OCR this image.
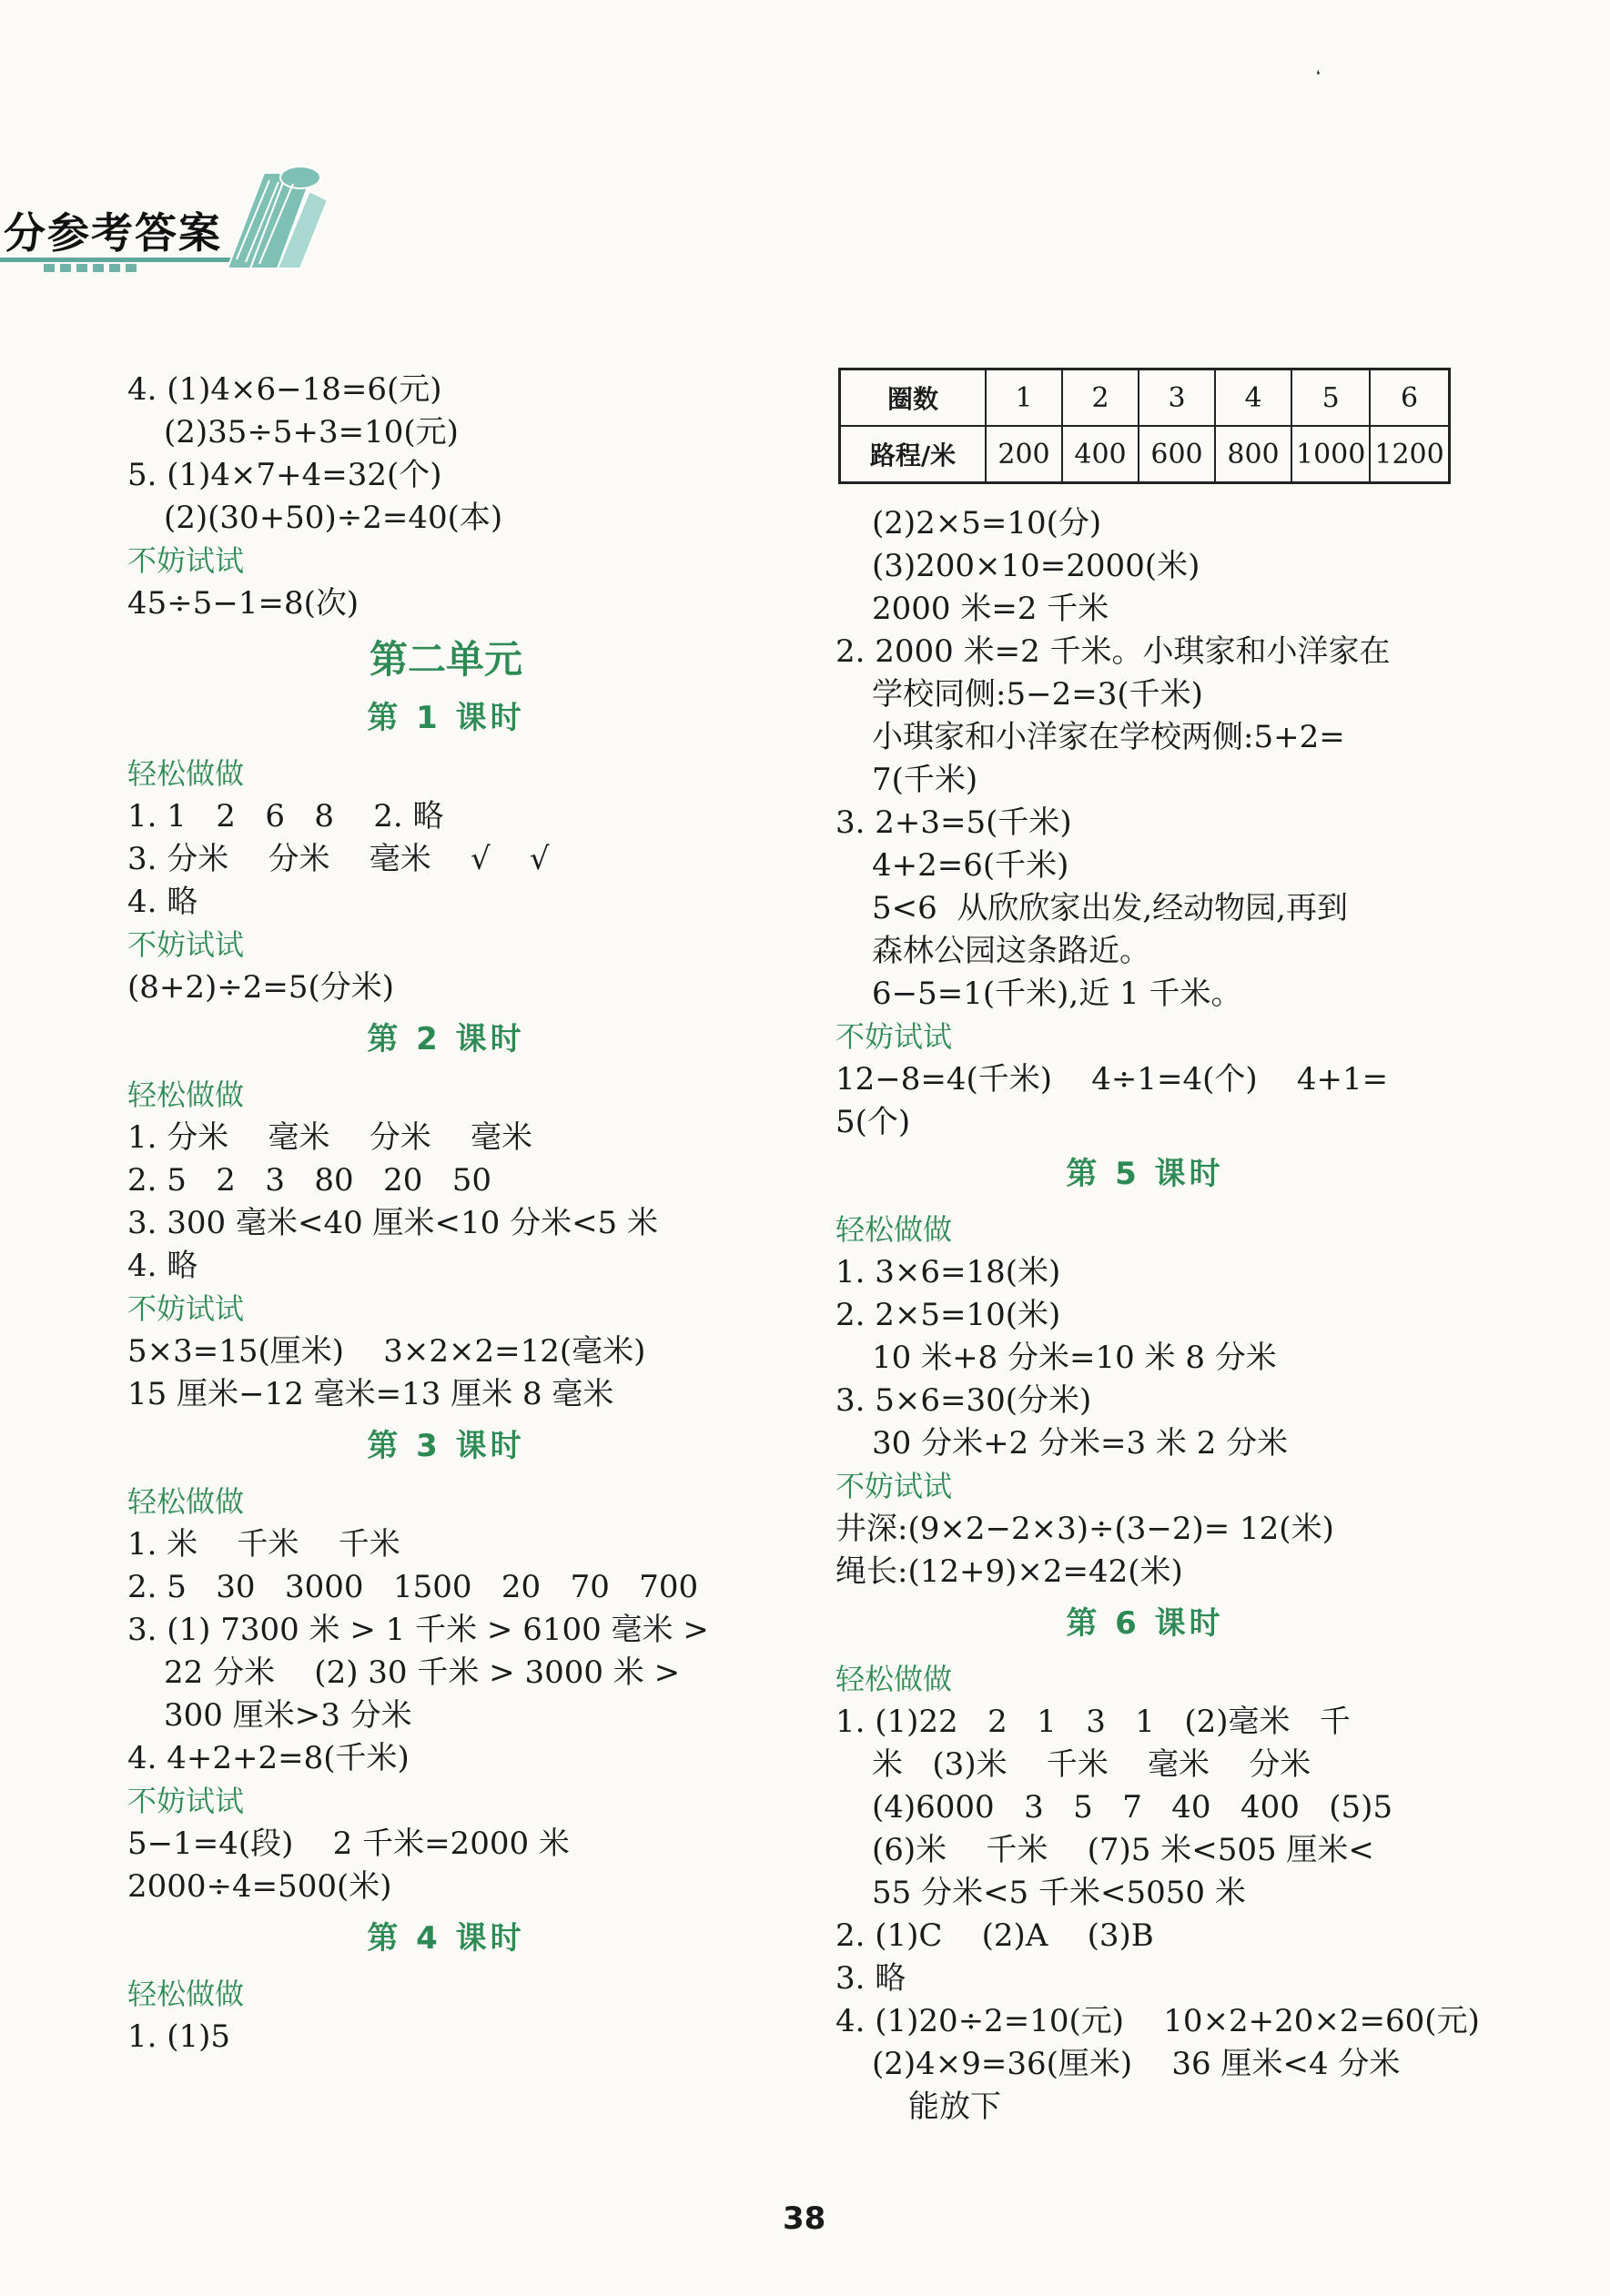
分参考答案
❛
4. (1)4×6−18=6(元)
(2)35÷5+3=10(元)
5. (1)4×7+4=32(个)
(2)(30+50)÷2=40(本)
不妨试试
45÷5−1=8(次)
第二单元
第 1 课时
轻松做做
1. 1   2   6   8    2. 略
3. 分米    分米    毫米    √    √
4. 略
不妨试试
(8+2)÷2=5(分米)
第 2 课时
轻松做做
1. 分米    毫米    分米    毫米
2. 5   2   3   80   20   50
3. 300 毫米<40 厘米<10 分米<5 米
4. 略
不妨试试
5×3=15(厘米)    3×2×2=12(毫米)
15 厘米−12 毫米=13 厘米 8 毫米
第 3 课时
轻松做做
1. 米    千米    千米
2. 5   30   3000   1500   20   70   700
3. (1) 7300 米 > 1 千米 > 6100 毫米 >
22 分米    (2) 30 千米 > 3000 米 >
300 厘米>3 分米
4. 4+2+2=8(千米)
不妨试试
5−1=4(段)    2 千米=2000 米
2000÷4=500(米)
第 4 课时
轻松做做
1. (1)5
圈数	1	2	3	4	5	6
路程/米	200	400	600	800	1000	1200
(2)2×5=10(分)
(3)200×10=2000(米)
2000 米=2 千米
2. 2000 米=2 千米。小琪家和小洋家在
学校同侧:5−2=3(千米)
小琪家和小洋家在学校两侧:5+2=
7(千米)
3. 2+3=5(千米)
4+2=6(千米)
5<6  从欣欣家出发,经动物园,再到
森林公园这条路近。
6−5=1(千米),近 1 千米。
不妨试试
12−8=4(千米)    4÷1=4(个)    4+1=
5(个)
第 5 课时
轻松做做
1. 3×6=18(米)
2. 2×5=10(米)
10 米+8 分米=10 米 8 分米
3. 5×6=30(分米)
30 分米+2 分米=3 米 2 分米
不妨试试
井深:(9×2−2×3)÷(3−2)= 12(米)
绳长:(12+9)×2=42(米)
第 6 课时
轻松做做
1. (1)22   2   1   3   1   (2)毫米   千
米   (3)米    千米    毫米    分米
(4)6000   3   5   7   40   400   (5)5
(6)米    千米    (7)5 米<505 厘米<
55 分米<5 千米<5050 米
2. (1)C    (2)A    (3)B
3. 略
4. (1)20÷2=10(元)    10×2+20×2=60(元)
(2)4×9=36(厘米)    36 厘米<4 分米
能放下
38
